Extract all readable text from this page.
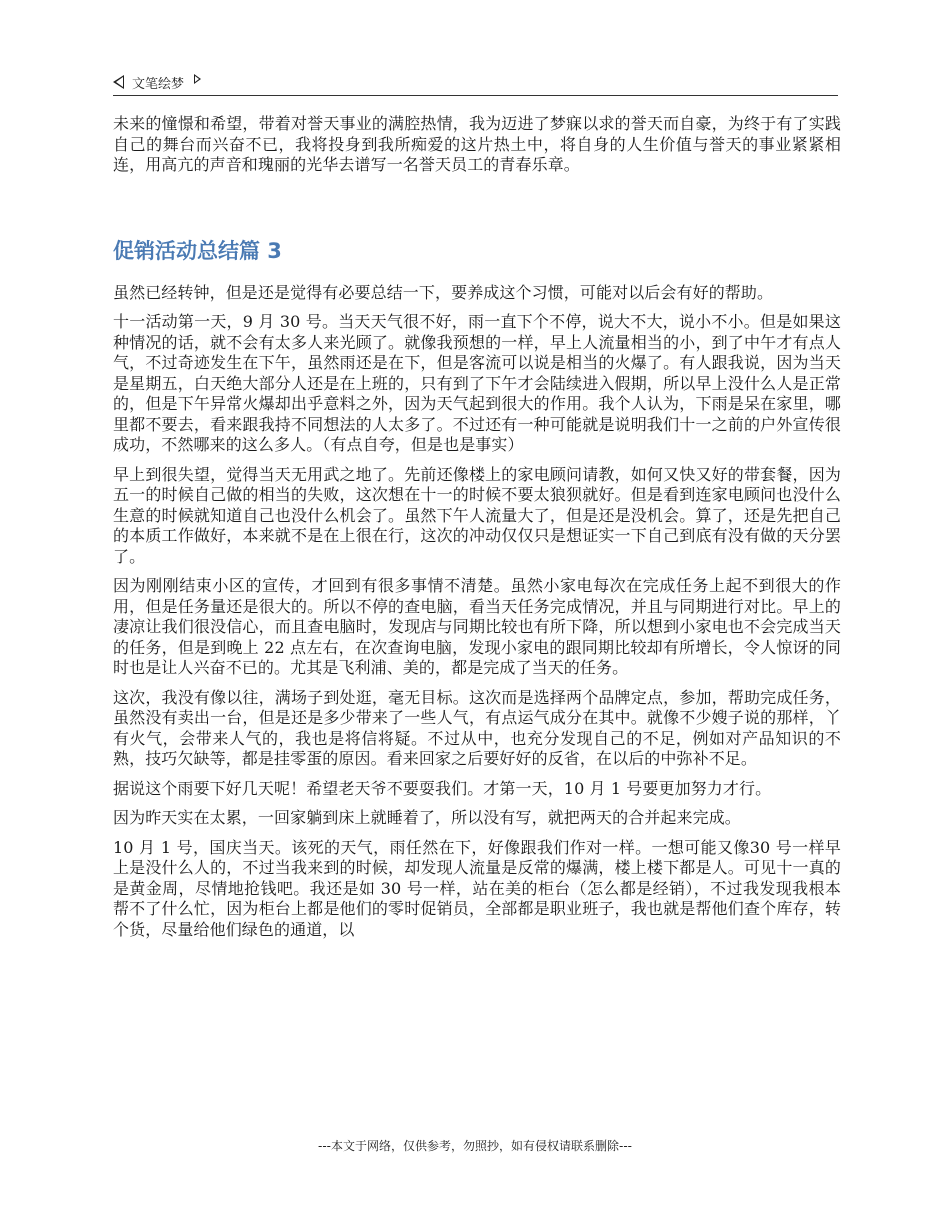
文笔绘梦

未来的憧憬和希望，带着对誉天事业的满腔热情，我为迈进了梦寐以求的誉天而自豪，为终于有了实践自己的舞台而兴奋不已，我将投身到我所痴爱的这片热土中，将自身的人生价值与誉天的事业紧紧相连，用高亢的声音和瑰丽的光华去谱写一名誉天员工的青春乐章。

促销活动总结篇 3

虽然已经转钟，但是还是觉得有必要总结一下，要养成这个习惯，可能对以后会有好的帮助。

十一活动第一天，9 月 30 号。当天天气很不好，雨一直下个不停，说大不大，说小不小。但是如果这种情况的话，就不会有太多人来光顾了。就像我预想的一样，早上人流量相当的小，到了中午才有点人气，不过奇迹发生在下午，虽然雨还是在下，但是客流可以说是相当的火爆了。有人跟我说，因为当天是星期五，白天绝大部分人还是在上班的，只有到了下午才会陆续进入假期，所以早上没什么人是正常的，但是下午异常火爆却出乎意料之外，因为天气起到很大的作用。我个人认为，下雨是呆在家里，哪里都不要去，看来跟我持不同想法的人太多了。不过还有一种可能就是说明我们十一之前的户外宣传很成功，不然哪来的这么多人。（有点自夸，但是也是事实）

早上到很失望，觉得当天无用武之地了。先前还像楼上的家电顾问请教，如何又快又好的带套餐，因为五一的时候自己做的相当的失败，这次想在十一的时候不要太狼狈就好。但是看到连家电顾问也没什么生意的时候就知道自己也没什么机会了。虽然下午人流量大了，但是还是没机会。算了，还是先把自己的本质工作做好，本来就不是在上很在行，这次的冲动仅仅只是想证实一下自己到底有没有做的天分罢了。

因为刚刚结束小区的宣传，才回到有很多事情不清楚。虽然小家电每次在完成任务上起不到很大的作用，但是任务量还是很大的。所以不停的查电脑，看当天任务完成情况，并且与同期进行对比。早上的凄凉让我们很没信心，而且查电脑时，发现店与同期比较也有所下降，所以想到小家电也不会完成当天的任务，但是到晚上 22 点左右，在次查询电脑，发现小家电的跟同期比较却有所增长，令人惊讶的同时也是让人兴奋不已的。尤其是飞利浦、美的，都是完成了当天的任务。

这次，我没有像以往，满场子到处逛，毫无目标。这次而是选择两个品牌定点，参加，帮助完成任务，虽然没有卖出一台，但是还是多少带来了一些人气，有点运气成分在其中。就像不少嫂子说的那样，丫有火气，会带来人气的，我也是将信将疑。不过从中，也充分发现自己的不足，例如对产品知识的不熟，技巧欠缺等，都是挂零蛋的原因。看来回家之后要好好的反省，在以后的中弥补不足。

据说这个雨要下好几天呢！希望老天爷不要耍我们。才第一天，10 月 1 号要更加努力才行。

因为昨天实在太累，一回家躺到床上就睡着了，所以没有写，就把两天的合并起来完成。

10 月 1 号，国庆当天。该死的天气，雨任然在下，好像跟我们作对一样。一想可能又像30 号一样早上是没什么人的，不过当我来到的时候，却发现人流量是反常的爆满，楼上楼下都是人。可见十一真的是黄金周，尽情地抢钱吧。我还是如 30 号一样，站在美的柜台（怎么都是经销），不过我发现我根本帮不了什么忙，因为柜台上都是他们的零时促销员，全部都是职业班子，我也就是帮他们查个库存，转个货，尽量给他们绿色的通道，以

---本文于网络，仅供参考，勿照抄，如有侵权请联系删除---
